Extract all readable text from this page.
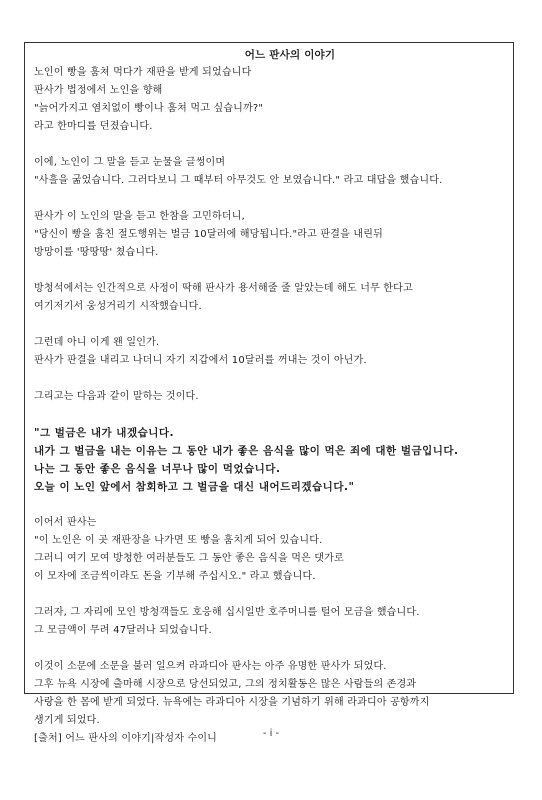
어느 판사의 이야기
노인이 빵을 훔쳐 먹다가 재판을 받게 되었습니다
판사가 법정에서 노인을 향해
"늙어가지고 염치없이 빵이나 훔쳐 먹고 싶습니까?"
라고 한마디를 던졌습니다.
이에, 노인이 그 말을 듣고 눈물을 글썽이며
"사흘을 굶었습니다. 그러다보니 그 때부터 아무것도 안 보였습니다." 라고 대답을 했습니다.
판사가 이 노인의 말을 듣고 한참을 고민하더니,
"당신이 빵을 훔친 절도행위는 벌금 10달러에 해당됩니다."라고 판결을 내린뒤
방망이를 '땅땅땅' 쳤습니다.
방청석에서는 인간적으로 사정이 딱해 판사가 용서해줄 줄 알았는데 해도 너무 한다고
여기저기서 웅성거리기 시작했습니다.
그런데 아니 이게 왠 일인가.
판사가 판결을 내리고 나더니 자기 지갑에서 10달러를 꺼내는 것이 아닌가.
그리고는 다음과 같이 말하는 것이다.
"그 벌금은 내가 내겠습니다.
내가 그 벌금을 내는 이유는 그 동안 내가 좋은 음식을 많이 먹은 죄에 대한 벌금입니다.
나는 그 동안 좋은 음식을 너무나 많이 먹었습니다.
오늘 이 노인 앞에서 참회하고 그 벌금을 대신 내어드리겠습니다."
이어서 판사는
"이 노인은 이 곳 재판장을 나가면 또 빵을 훔치게 되어 있습니다.
그러니 여기 모여 방청한 여러분들도 그 동안 좋은 음식을 먹은 댓가로
이 모자에 조금씩이라도 돈을 기부해 주십시오." 라고 했습니다.
그러자, 그 자리에 모인 방청객들도 호응해 십시일반 호주머니를 털어 모금을 했습니다.
그 모금액이 무려 47달러나 되었습니다.
이것이 소문에 소문을 불러 일으켜 라과디아 판사는 아주 유명한 판사가 되었다.
그후 뉴욕 시장에 출마해 시장으로 당선되었고, 그의 정치활동은 많은 사람들의 존경과
사랑을 한 몸에 받게 되었다. 뉴욕에는 라과디아 시장을 기념하기 위해 라과디아 공항까지
생기게 되었다.
[출처] 어느 판사의 이야기|작성자 수이니	- i -
